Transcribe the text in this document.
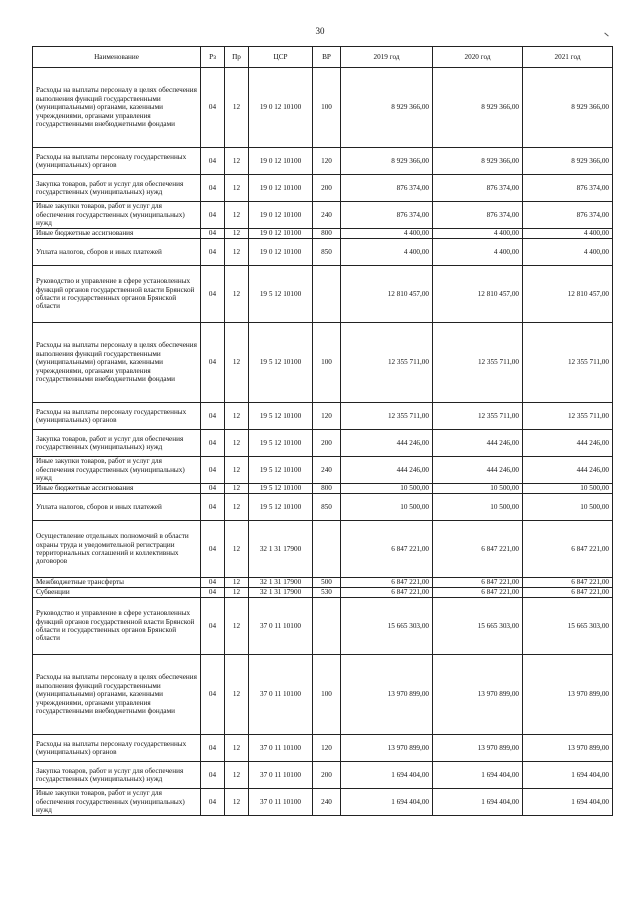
30
Наименование	Рз	Пр	ЦСР	ВР	2019 год	2020 год	2021 год
Расходы на выплаты персоналу в целях обеспечения выполнения функций государственными (муниципальными) органами, казенными учреждениями, органами управления государственными внебюджетными фондами	04	12	19 0 12 10100	100	8 929 366,00	8 929 366,00	8 929 366,00
Расходы на выплаты персоналу государственных (муниципальных) органов	04	12	19 0 12 10100	120	8 929 366,00	8 929 366,00	8 929 366,00
Закупка товаров, работ и услуг для обеспечения государственных (муниципальных) нужд	04	12	19 0 12 10100	200	876 374,00	876 374,00	876 374,00
Иные закупки товаров, работ и услуг для обеспечения государственных (муниципальных) нужд	04	12	19 0 12 10100	240	876 374,00	876 374,00	876 374,00
Иные бюджетные ассигнования	04	12	19 0 12 10100	800	4 400,00	4 400,00	4 400,00
Уплата налогов, сборов и иных платежей	04	12	19 0 12 10100	850	4 400,00	4 400,00	4 400,00
Руководство и управление в сфере установленных функций органов государственной власти Брянской области и государственных органов Брянской области	04	12	19 5 12 10100		12 810 457,00	12 810 457,00	12 810 457,00
Расходы на выплаты персоналу в целях обеспечения выполнения функций государственными (муниципальными) органами, казенными учреждениями, органами управления государственными внебюджетными фондами	04	12	19 5 12 10100	100	12 355 711,00	12 355 711,00	12 355 711,00
Расходы на выплаты персоналу государственных (муниципальных) органов	04	12	19 5 12 10100	120	12 355 711,00	12 355 711,00	12 355 711,00
Закупка товаров, работ и услуг для обеспечения государственных (муниципальных) нужд	04	12	19 5 12 10100	200	444 246,00	444 246,00	444 246,00
Иные закупки товаров, работ и услуг для обеспечения государственных (муниципальных) нужд	04	12	19 5 12 10100	240	444 246,00	444 246,00	444 246,00
Иные бюджетные ассигнования	04	12	19 5 12 10100	800	10 500,00	10 500,00	10 500,00
Уплата налогов, сборов и иных платежей	04	12	19 5 12 10100	850	10 500,00	10 500,00	10 500,00
Осуществление отдельных полномочий в области охраны труда и уведомительной регистрации территориальных соглашений и коллективных договоров	04	12	32 1 31 17900		6 847 221,00	6 847 221,00	6 847 221,00
Межбюджетные трансферты	04	12	32 1 31 17900	500	6 847 221,00	6 847 221,00	6 847 221,00
Субвенции	04	12	32 1 31 17900	530	6 847 221,00	6 847 221,00	6 847 221,00
Руководство и управление в сфере установленных функций органов государственной власти Брянской области и государственных органов Брянской области	04	12	37 0 11 10100		15 665 303,00	15 665 303,00	15 665 303,00
Расходы на выплаты персоналу в целях обеспечения выполнения функций государственными (муниципальными) органами, казенными учреждениями, органами управления государственными внебюджетными фондами	04	12	37 0 11 10100	100	13 970 899,00	13 970 899,00	13 970 899,00
Расходы на выплаты персоналу государственных (муниципальных) органов	04	12	37 0 11 10100	120	13 970 899,00	13 970 899,00	13 970 899,00
Закупка товаров, работ и услуг для обеспечения государственных (муниципальных) нужд	04	12	37 0 11 10100	200	1 694 404,00	1 694 404,00	1 694 404,00
Иные закупки товаров, работ и услуг для обеспечения государственных (муниципальных) нужд	04	12	37 0 11 10100	240	1 694 404,00	1 694 404,00	1 694 404,00
